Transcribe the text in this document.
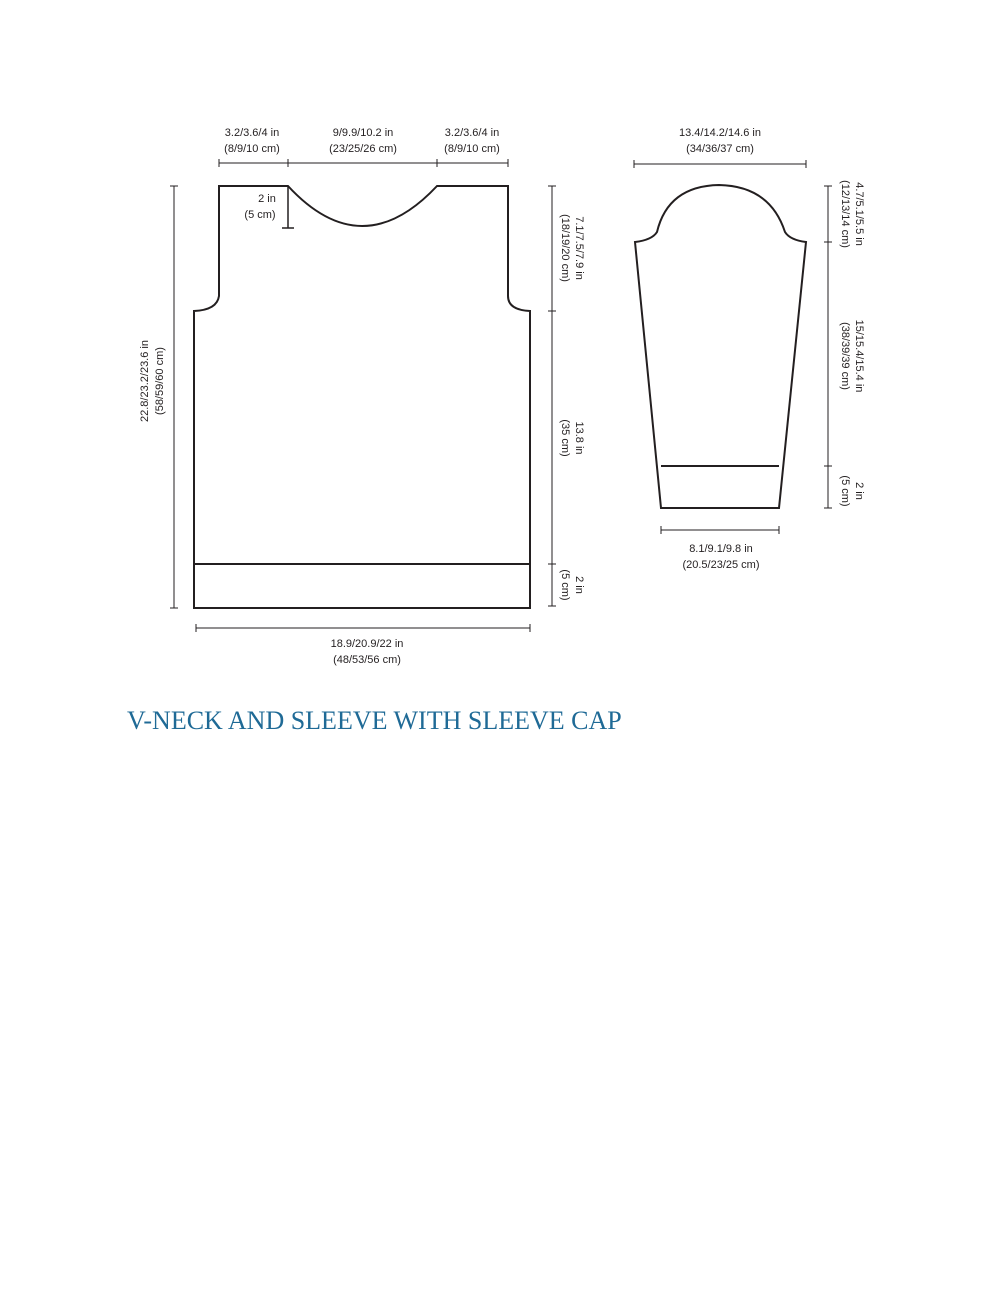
3.2/3.6/4 in
(8/9/10 cm)
9/9.9/10.2 in
(23/25/26 cm)
3.2/3.6/4 in
(8/9/10 cm)
2 in
(5 cm)
22.8/23.2/23.6 in (58/59/60 cm)
7.1/7.5/7.9 in
(18/19/20 cm)
13.8 in
(35 cm)
2 in
(5 cm)
18.9/20.9/22 in
(48/53/56 cm)
13.4/14.2/14.6 in
(34/36/37 cm)
4.7/5.1/5.5 in
(12/13/14 cm)
15/15.4/15.4 in
(38/39/39 cm)
2 in
(5 cm)
8.1/9.1/9.8 in
(20.5/23/25 cm)
V-NECK AND SLEEVE WITH SLEEVE CAP
